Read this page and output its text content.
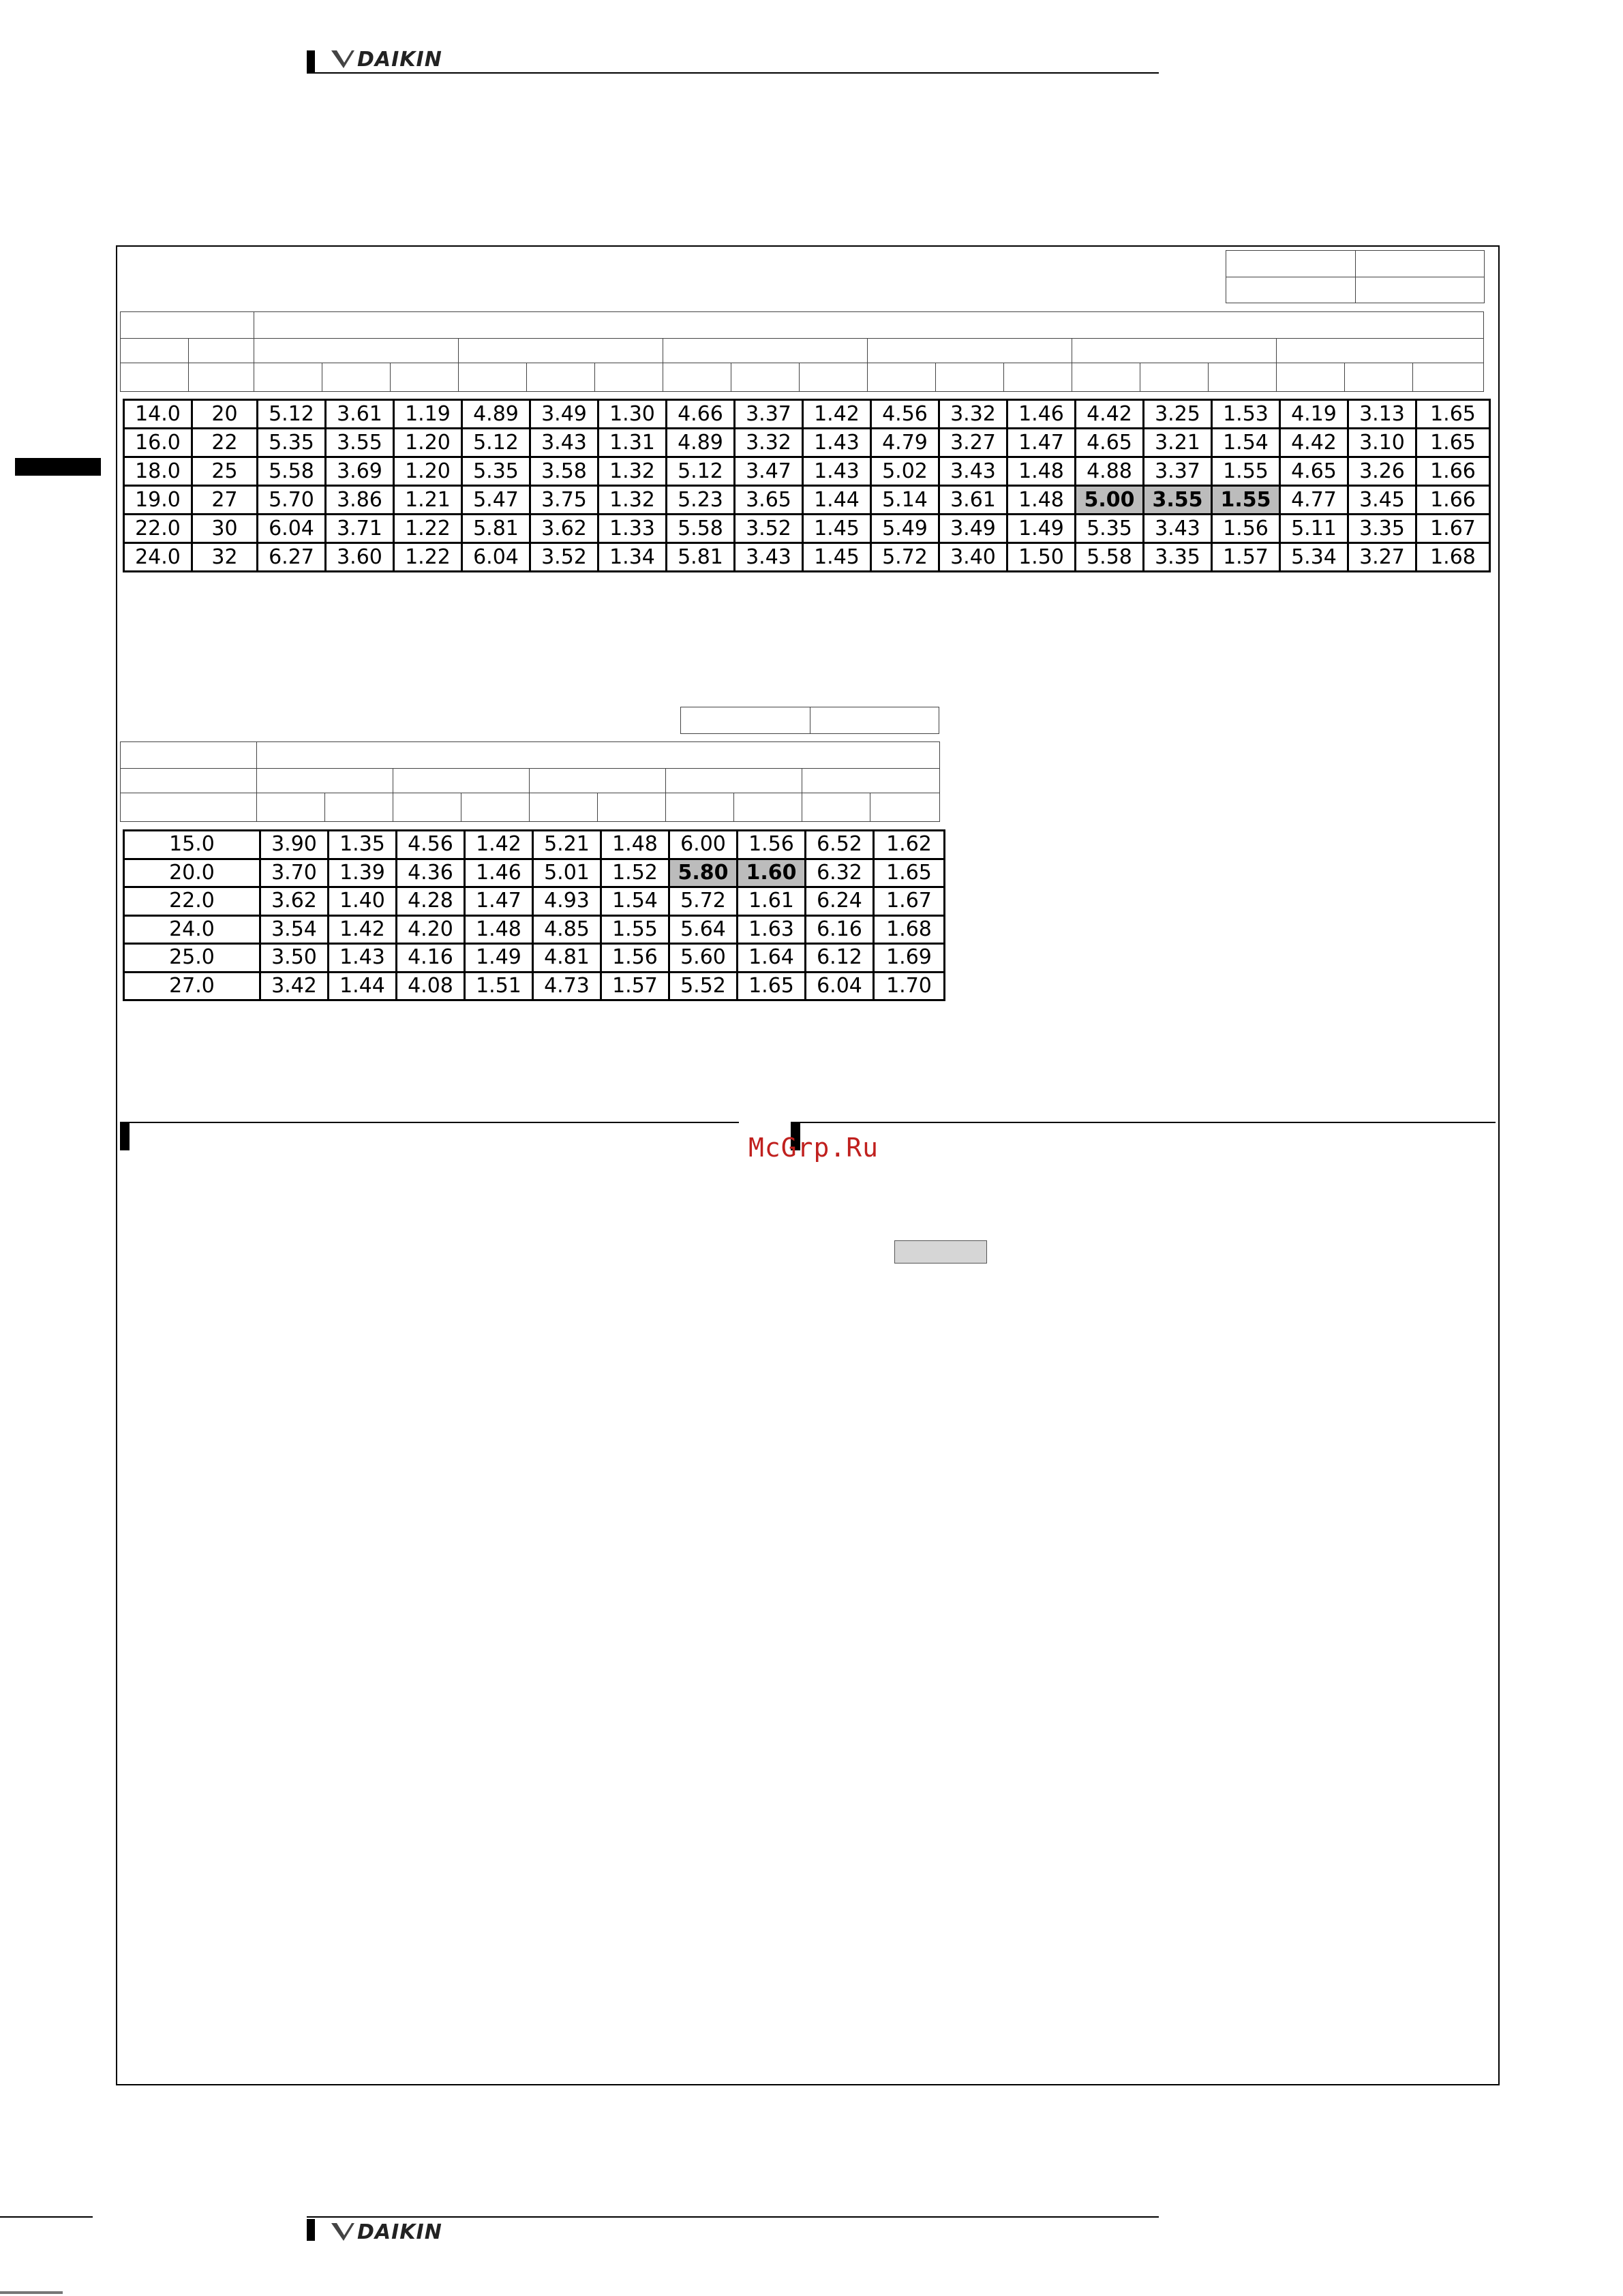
DAIKIN

14.0	20	5.12	3.61	1.19	4.89	3.49	1.30	4.66	3.37	1.42	4.56	3.32	1.46	4.42	3.25	1.53	4.19	3.13	1.65
16.0	22	5.35	3.55	1.20	5.12	3.43	1.31	4.89	3.32	1.43	4.79	3.27	1.47	4.65	3.21	1.54	4.42	3.10	1.65
18.0	25	5.58	3.69	1.20	5.35	3.58	1.32	5.12	3.47	1.43	5.02	3.43	1.48	4.88	3.37	1.55	4.65	3.26	1.66
19.0	27	5.70	3.86	1.21	5.47	3.75	1.32	5.23	3.65	1.44	5.14	3.61	1.48	5.00	3.55	1.55	4.77	3.45	1.66
22.0	30	6.04	3.71	1.22	5.81	3.62	1.33	5.58	3.52	1.45	5.49	3.49	1.49	5.35	3.43	1.56	5.11	3.35	1.67
24.0	32	6.27	3.60	1.22	6.04	3.52	1.34	5.81	3.43	1.45	5.72	3.40	1.50	5.58	3.35	1.57	5.34	3.27	1.68

15.0	3.90	1.35	4.56	1.42	5.21	1.48	6.00	1.56	6.52	1.62
20.0	3.70	1.39	4.36	1.46	5.01	1.52	5.80	1.60	6.32	1.65
22.0	3.62	1.40	4.28	1.47	4.93	1.54	5.72	1.61	6.24	1.67
24.0	3.54	1.42	4.20	1.48	4.85	1.55	5.64	1.63	6.16	1.68
25.0	3.50	1.43	4.16	1.49	4.81	1.56	5.60	1.64	6.12	1.69
27.0	3.42	1.44	4.08	1.51	4.73	1.57	5.52	1.65	6.04	1.70
McGrp.Ru
DAIKIN
